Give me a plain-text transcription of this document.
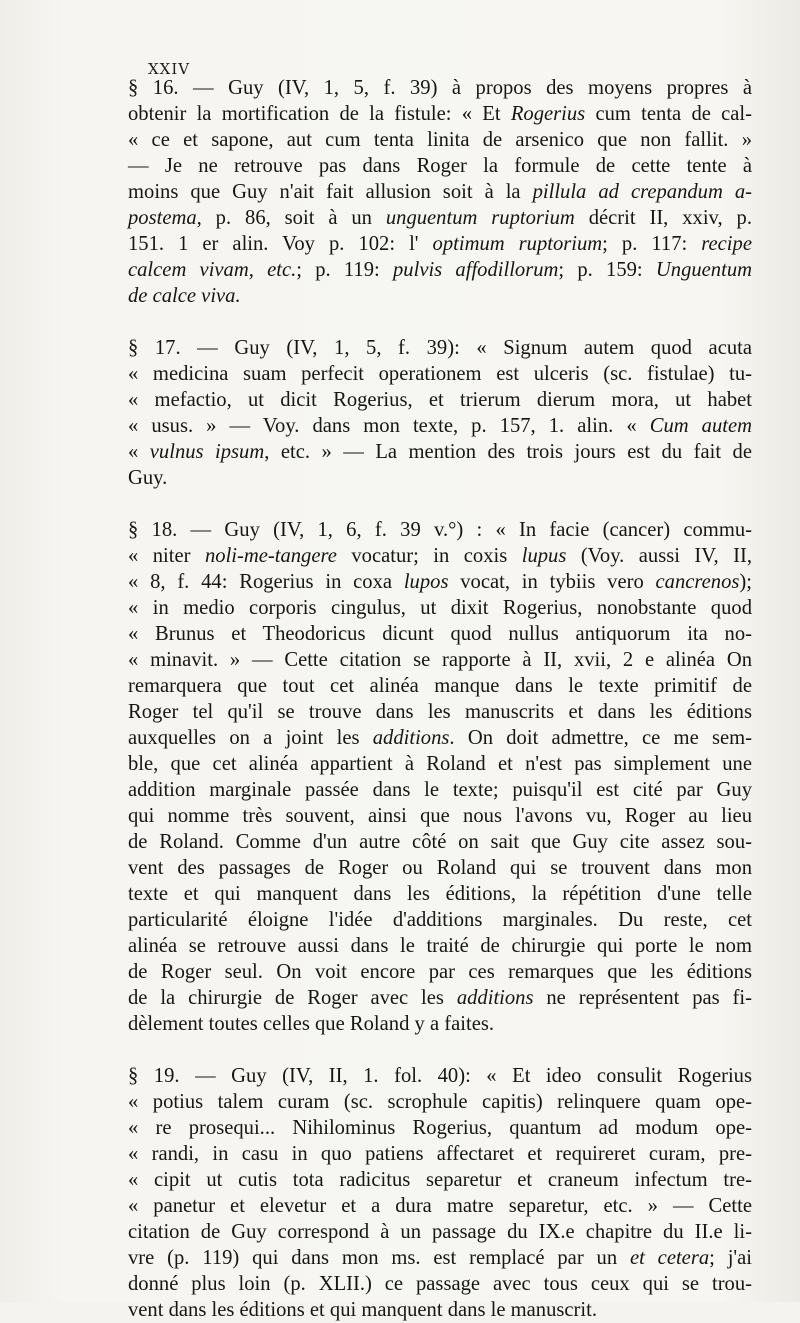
XXIV
§ 16. — Guy (IV, 1, 5, f. 39) à propos des moyens propres à
obtenir la mortification de la fistule: « Et Rogerius cum tenta de cal-
« ce et sapone, aut cum tenta linita de arsenico que non fallit. »
— Je ne retrouve pas dans Roger la formule de cette tente à
moins que Guy n'ait fait allusion soit à la pillula ad crepandum a-
postema, p. 86, soit à un unguentum ruptorium décrit II, xxiv, p.
151. 1 er alin. Voy p. 102: l' optimum ruptorium; p. 117: recipe
calcem vivam, etc.; p. 119: pulvis affodillorum; p. 159: Unguentum
de calce viva.
§ 17. — Guy (IV, 1, 5, f. 39): « Signum autem quod acuta
« medicina suam perfecit operationem est ulceris (sc. fistulae) tu-
« mefactio, ut dicit Rogerius, et trierum dierum mora, ut habet
« usus. » — Voy. dans mon texte, p. 157, 1. alin. « Cum autem
« vulnus ipsum, etc. » — La mention des trois jours est du fait de
Guy.
§ 18. — Guy (IV, 1, 6, f. 39 v.°) : « In facie (cancer) commu-
« niter noli-me-tangere vocatur; in coxis lupus (Voy. aussi IV, II,
« 8, f. 44: Rogerius in coxa lupos vocat, in tybiis vero cancrenos);
« in medio corporis cingulus, ut dixit Rogerius, nonobstante quod
« Brunus et Theodoricus dicunt quod nullus antiquorum ita no-
« minavit. » — Cette citation se rapporte à II, xvii, 2 e alinéa On
remarquera que tout cet alinéa manque dans le texte primitif de
Roger tel qu'il se trouve dans les manuscrits et dans les éditions
auxquelles on a joint les additions. On doit admettre, ce me sem-
ble, que cet alinéa appartient à Roland et n'est pas simplement une
addition marginale passée dans le texte; puisqu'il est cité par Guy
qui nomme très souvent, ainsi que nous l'avons vu, Roger au lieu
de Roland. Comme d'un autre côté on sait que Guy cite assez sou-
vent des passages de Roger ou Roland qui se trouvent dans mon
texte et qui manquent dans les éditions, la répétition d'une telle
particularité éloigne l'idée d'additions marginales. Du reste, cet
alinéa se retrouve aussi dans le traité de chirurgie qui porte le nom
de Roger seul. On voit encore par ces remarques que les éditions
de la chirurgie de Roger avec les additions ne représentent pas fi-
dèlement toutes celles que Roland y a faites.
§ 19. — Guy (IV, II, 1. fol. 40): « Et ideo consulit Rogerius
« potius talem curam (sc. scrophule capitis) relinquere quam ope-
« re prosequi... Nihilominus Rogerius, quantum ad modum ope-
« randi, in casu in quo patiens affectaret et requireret curam, pre-
« cipit ut cutis tota radicitus separetur et craneum infectum tre-
« panetur et elevetur et a dura matre separetur, etc. » — Cette
citation de Guy correspond à un passage du IX.e chapitre du II.e li-
vre (p. 119) qui dans mon ms. est remplacé par un et cetera; j'ai
donné plus loin (p. XLII.) ce passage avec tous ceux qui se trou-
vent dans les éditions et qui manquent dans le manuscrit.
